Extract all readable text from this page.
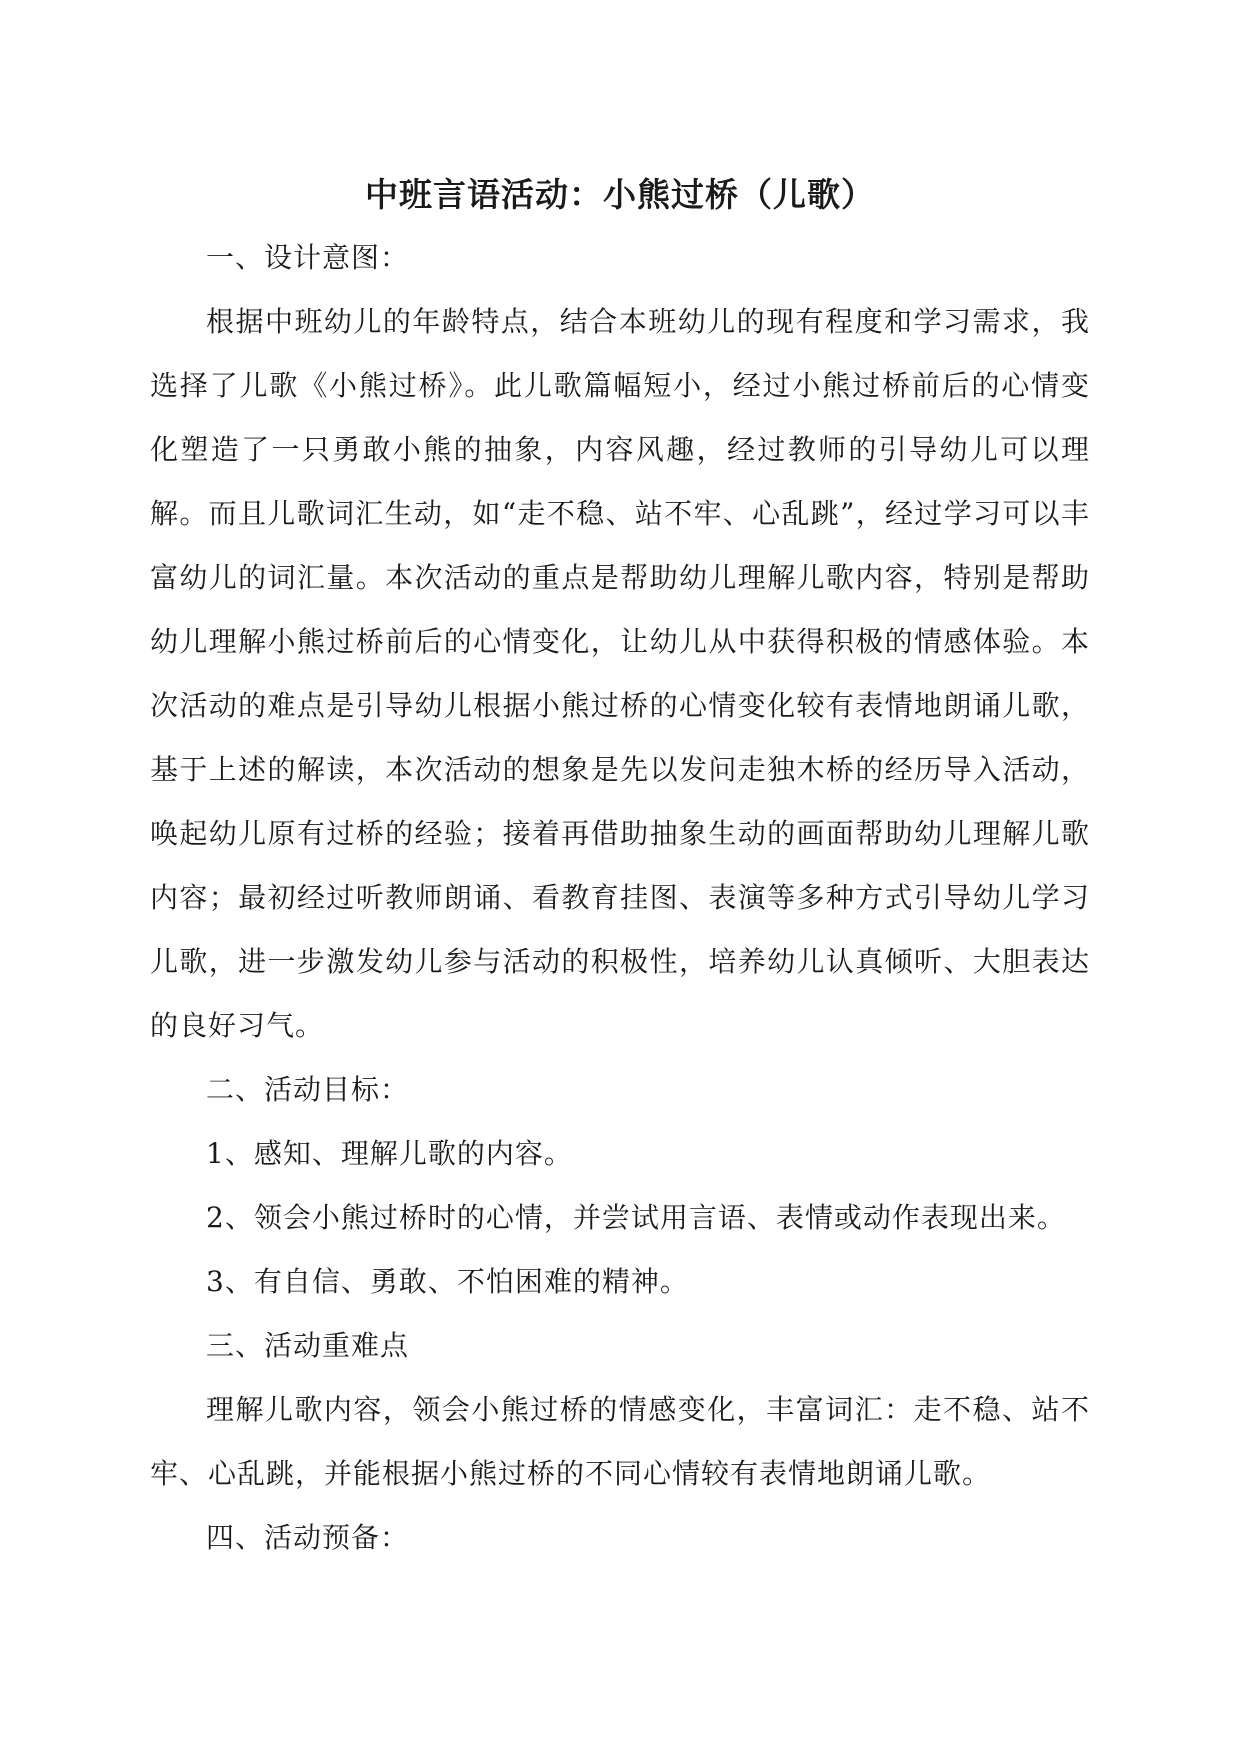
中班言语活动：小熊过桥（儿歌）

一、设计意图：

根据中班幼儿的年龄特点，结合本班幼儿的现有程度和学习需求，我选择了儿歌《小熊过桥》。此儿歌篇幅短小，经过小熊过桥前后的心情变化塑造了一只勇敢小熊的抽象，内容风趣，经过教师的引导幼儿可以理解。而且儿歌词汇生动，如“走不稳、站不牢、心乱跳”，经过学习可以丰富幼儿的词汇量。本次活动的重点是帮助幼儿理解儿歌内容，特别是帮助幼儿理解小熊过桥前后的心情变化，让幼儿从中获得积极的情感体验。本次活动的难点是引导幼儿根据小熊过桥的心情变化较有表情地朗诵儿歌，基于上述的解读，本次活动的想象是先以发问走独木桥的经历导入活动，唤起幼儿原有过桥的经验；接着再借助抽象生动的画面帮助幼儿理解儿歌内容；最初经过听教师朗诵、看教育挂图、表演等多种方式引导幼儿学习儿歌，进一步激发幼儿参与活动的积极性，培养幼儿认真倾听、大胆表达的良好习气。

二、活动目标：

1、感知、理解儿歌的内容。

2、领会小熊过桥时的心情，并尝试用言语、表情或动作表现出来。

3、有自信、勇敢、不怕困难的精神。

三、活动重难点

理解儿歌内容，领会小熊过桥的情感变化，丰富词汇：走不稳、站不牢、心乱跳，并能根据小熊过桥的不同心情较有表情地朗诵儿歌。

四、活动预备：
